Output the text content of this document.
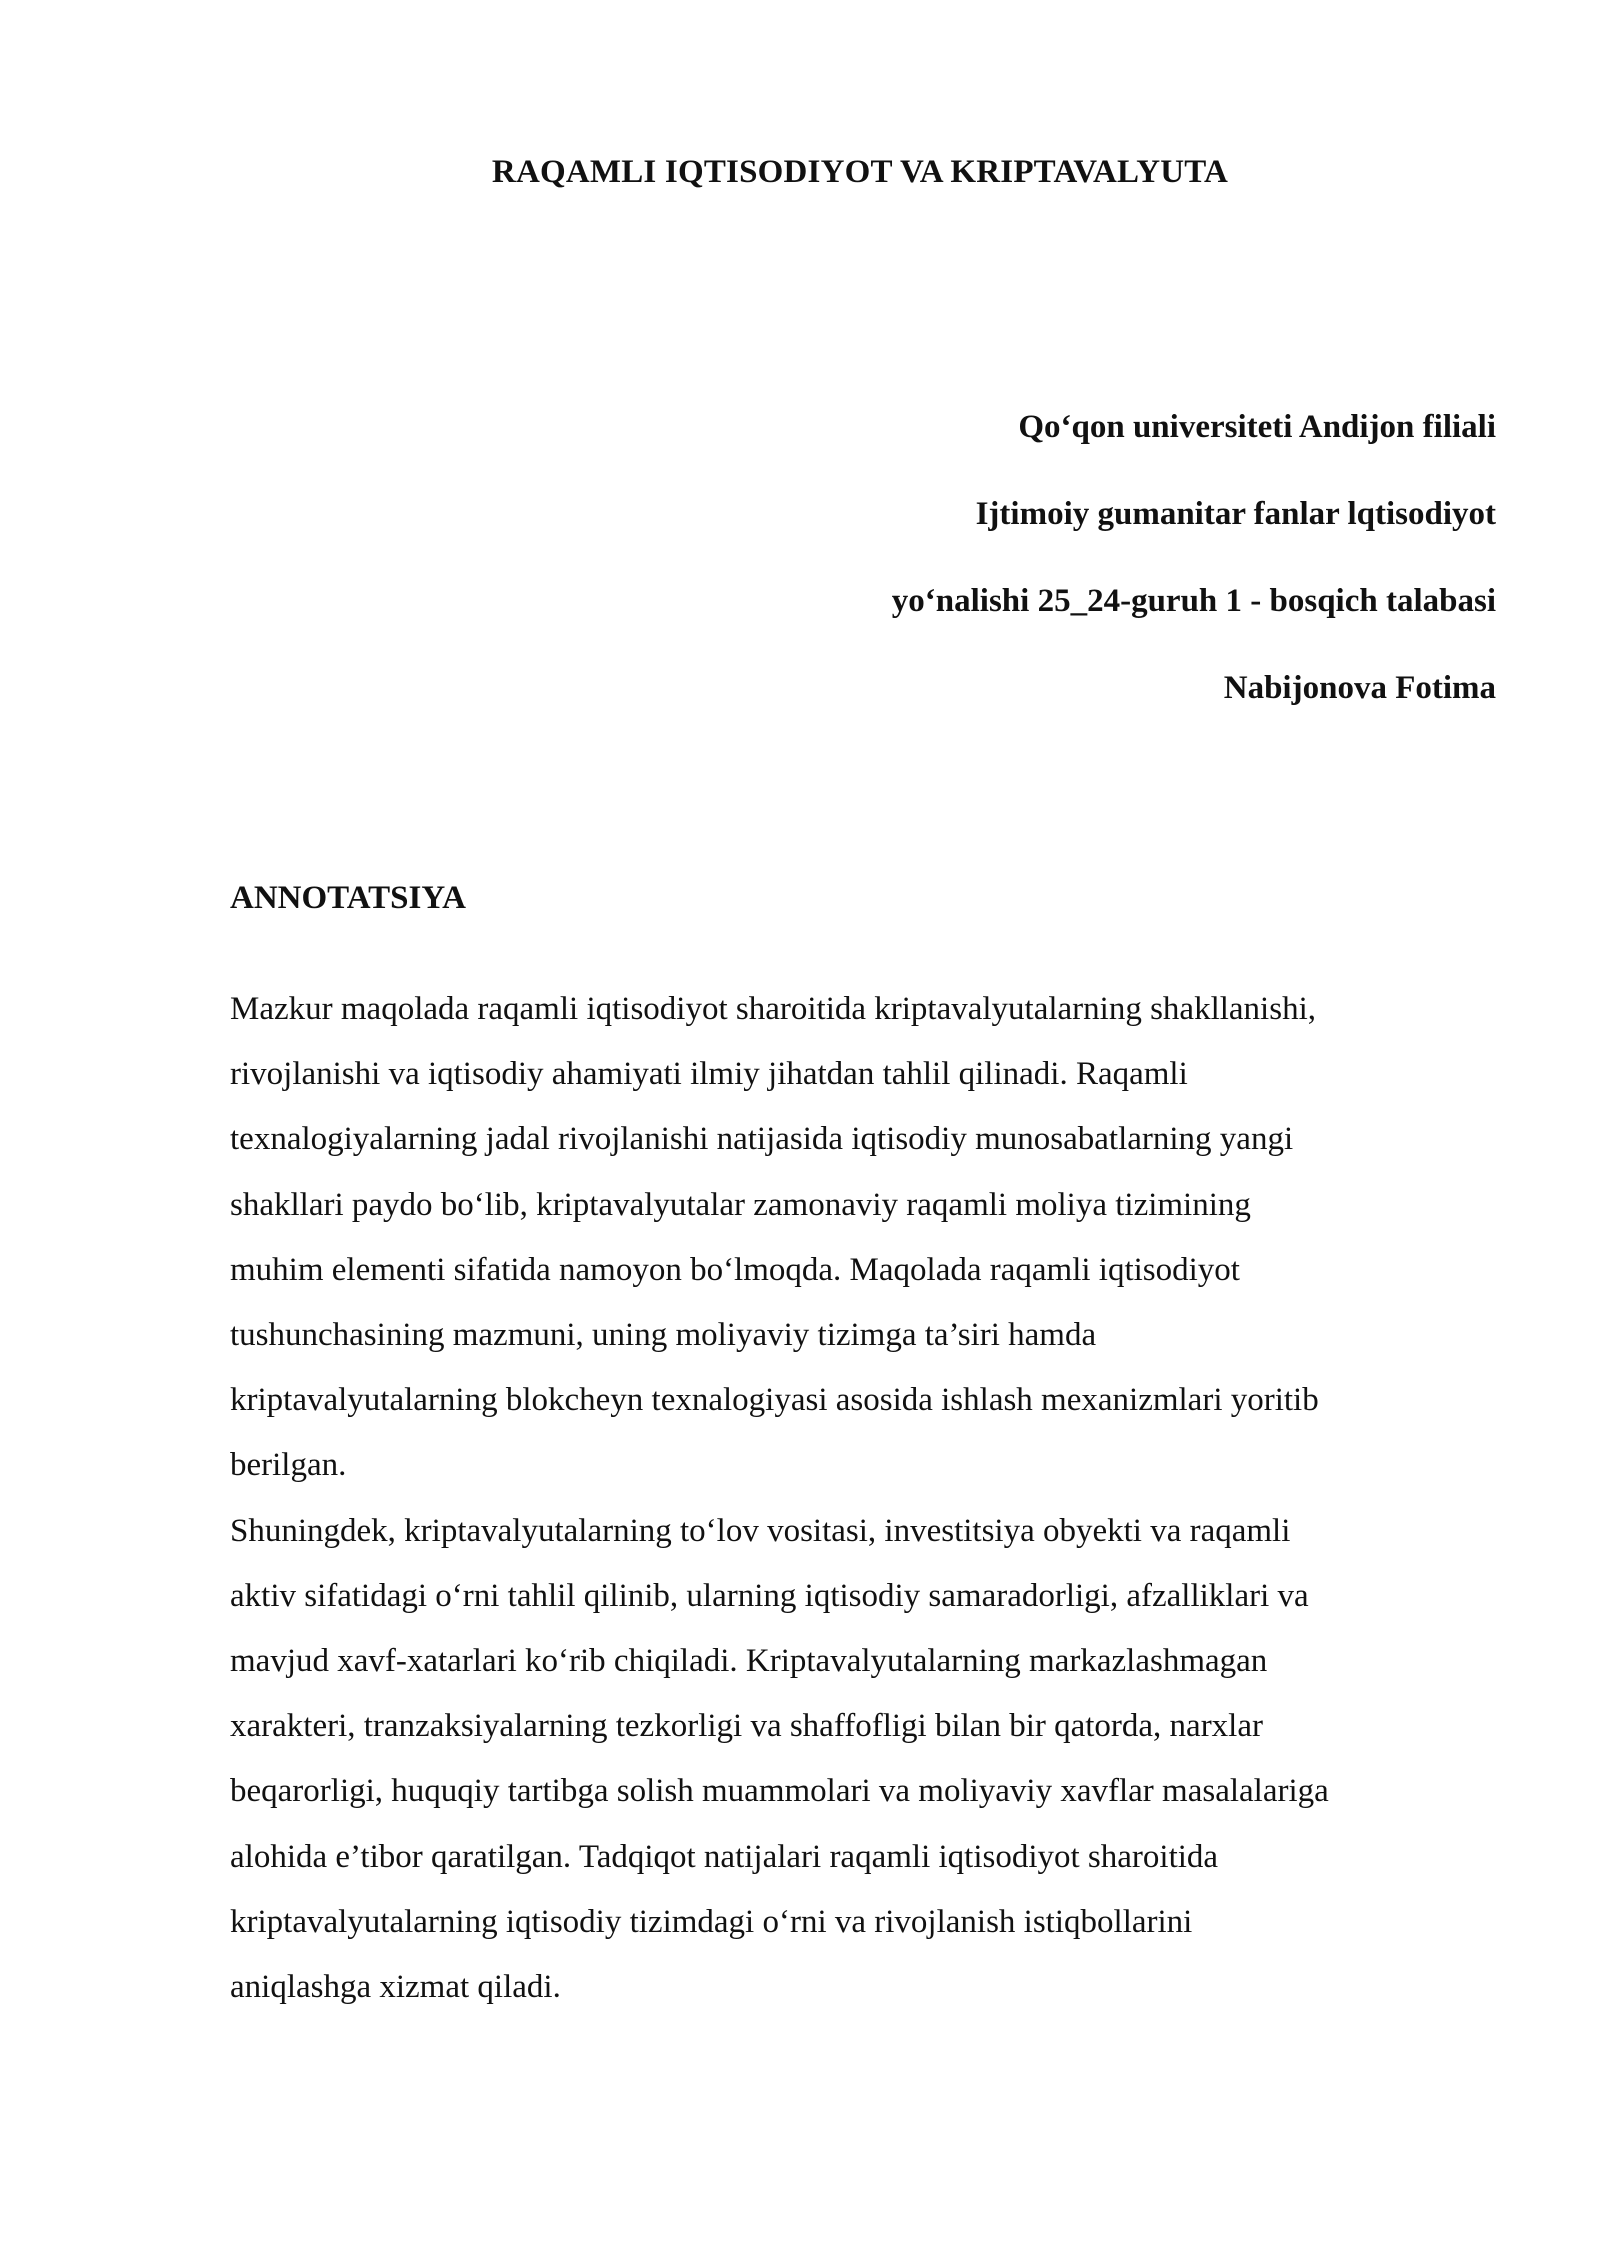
RAQAMLI IQTISODIYOT VA KRIPTAVALYUTA
Qo‘qon universiteti Andijon filiali
Ijtimoiy gumanitar fanlar lqtisodiyot
yo‘nalishi 25_24-guruh 1 - bosqich talabasi
Nabijonova Fotima
ANNOTATSIYA
Mazkur maqolada raqamli iqtisodiyot sharoitida kriptavalyutalarning shakllanishi,
rivojlanishi va iqtisodiy ahamiyati ilmiy jihatdan tahlil qilinadi. Raqamli
texnalogiyalarning jadal rivojlanishi natijasida iqtisodiy munosabatlarning yangi
shakllari paydo bo‘lib, kriptavalyutalar zamonaviy raqamli moliya tizimining
muhim elementi sifatida namoyon bo‘lmoqda. Maqolada raqamli iqtisodiyot
tushunchasining mazmuni, uning moliyaviy tizimga ta’siri hamda
kriptavalyutalarning blokcheyn texnalogiyasi asosida ishlash mexanizmlari yoritib
berilgan.
Shuningdek, kriptavalyutalarning to‘lov vositasi, investitsiya obyekti va raqamli
aktiv sifatidagi o‘rni tahlil qilinib, ularning iqtisodiy samaradorligi, afzalliklari va
mavjud xavf-xatarlari ko‘rib chiqiladi. Kriptavalyutalarning markazlashmagan
xarakteri, tranzaksiyalarning tezkorligi va shaffofligi bilan bir qatorda, narxlar
beqarorligi, huquqiy tartibga solish muammolari va moliyaviy xavflar masalalariga
alohida e’tibor qaratilgan. Tadqiqot natijalari raqamli iqtisodiyot sharoitida
kriptavalyutalarning iqtisodiy tizimdagi o‘rni va rivojlanish istiqbollarini
aniqlashga xizmat qiladi.
